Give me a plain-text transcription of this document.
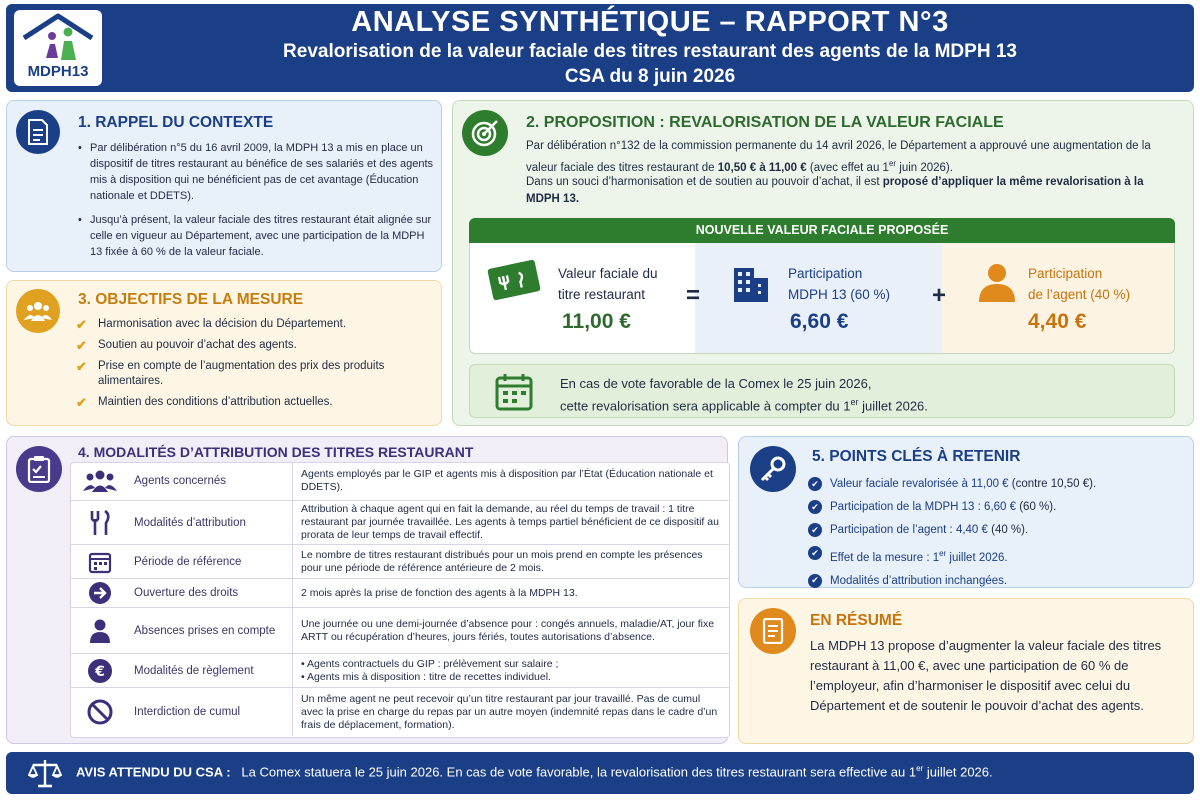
MDPH13
ANALYSE SYNTHÉTIQUE – RAPPORT N°3
Revalorisation de la valeur faciale des titres restaurant des agents de la MDPH 13
CSA du 8 juin 2026
1. RAPPEL DU CONTEXTE
• Par délibération n°5 du 16 avril 2009, la MDPH 13 a mis en place un dispositif de titres restaurant au bénéfice de ses salariés et des agents mis à disposition qui ne bénéficient pas de cet avantage (Éducation nationale et DDETS).
• Jusqu’à présent, la valeur faciale des titres restaurant était alignée sur celle en vigueur au Département, avec une participation de la MDPH 13 fixée à 60 % de la valeur faciale.
3. OBJECTIFS DE LA MESURE
✔ Harmonisation avec la décision du Département.
✔ Soutien au pouvoir d’achat des agents.
✔ Prise en compte de l’augmentation des prix des produits alimentaires.
✔ Maintien des conditions d’attribution actuelles.
2. PROPOSITION : REVALORISATION DE LA VALEUR FACIALE
Par délibération n°132 de la commission permanente du 14 avril 2026, le Département a approuvé une augmentation de la valeur faciale des titres restaurant de 10,50 € à 11,00 € (avec effet au 1er juin 2026).
Dans un souci d’harmonisation et de soutien au pouvoir d’achat, il est proposé d’appliquer la même revalorisation à la MDPH 13.
NOUVELLE VALEUR FACIALE PROPOSÉE
Valeur faciale du
titre restaurant
11,00 €
=
Participation
MDPH 13 (60 %)
6,60 €
+
Participation
de l’agent (40 %)
4,40 €
En cas de vote favorable de la Comex le 25 juin 2026,
cette revalorisation sera applicable à compter du 1er juillet 2026.
4. MODALITÉS D’ATTRIBUTION DES TITRES RESTAURANT
Agents concernés
Agents employés par le GIP et agents mis à disposition par l’État (Éducation nationale et DDETS).
Modalités d’attribution
Attribution à chaque agent qui en fait la demande, au réel du temps de travail : 1 titre restaurant par journée travaillée. Les agents à temps partiel bénéficient de ce dispositif au prorata de leur temps de travail effectif.
Période de référence
Le nombre de titres restaurant distribués pour un mois prend en compte les présences pour une période de référence antérieure de 2 mois.
Ouverture des droits	2 mois après la prise de fonction des agents à la MDPH 13.
Absences prises en compte
Une journée ou une demi-journée d’absence pour : congés annuels, maladie/AT, jour fixe ARTT ou récupération d’heures, jours fériés, toutes autorisations d’absence.
€	Modalités de règlement
• Agents contractuels du GIP : prélèvement sur salaire ;
• Agents mis à disposition : titre de recettes individuel.
Interdiction de cumul
Un même agent ne peut recevoir qu’un titre restaurant par jour travaillé. Pas de cumul avec la prise en charge du repas par un autre moyen (indemnité repas dans le cadre d’un frais de déplacement, formation).
5. POINTS CLÉS À RETENIR
✔ Valeur faciale revalorisée à 11,00 € (contre 10,50 €).
✔ Participation de la MDPH 13 : 6,60 € (60 %).
✔ Participation de l’agent : 4,40 € (40 %).
✔ Effet de la mesure : 1er juillet 2026.
✔ Modalités d’attribution inchangées.
EN RÉSUMÉ
La MDPH 13 propose d’augmenter la valeur faciale des titres restaurant à 11,00 €, avec une participation de 60 % de l’employeur, afin d’harmoniser le dispositif avec celui du Département et de soutenir le pouvoir d’achat des agents.
AVIS ATTENDU DU CSA : La Comex statuera le 25 juin 2026. En cas de vote favorable, la revalorisation des titres restaurant sera effective au 1er juillet 2026.
